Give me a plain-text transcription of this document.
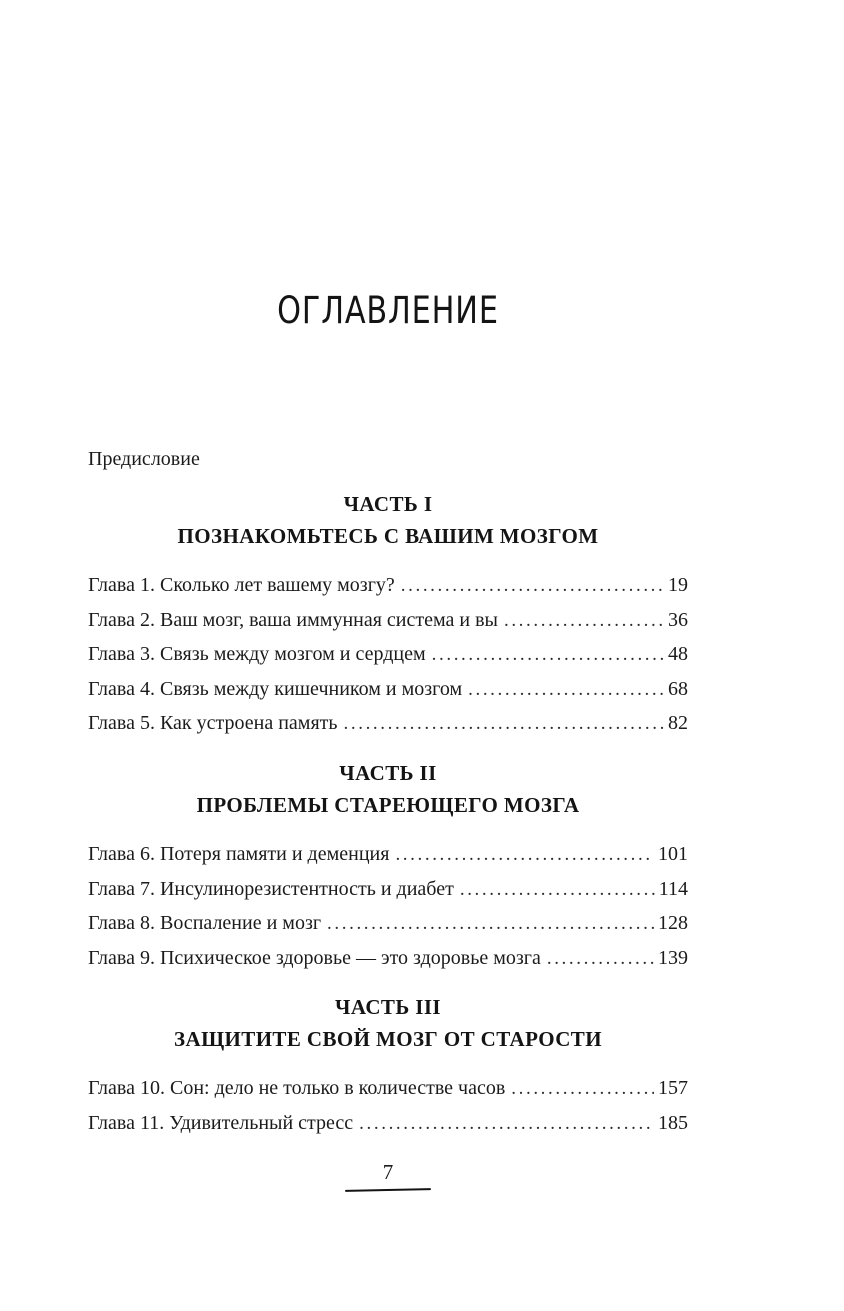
ОГЛАВЛЕНИЕ
Предисловие
ЧАСТЬ I
ПОЗНАКОМЬТЕСЬ С ВАШИМ МОЗГОМ
Глава 1. Сколько лет вашему мозгу? .....	19
Глава 2. Ваш мозг, ваша иммунная система и вы .....	36
Глава 3. Связь между мозгом и сердцем .....	48
Глава 4. Связь между кишечником и мозгом .....	68
Глава 5. Как устроена память .....	82
ЧАСТЬ II
ПРОБЛЕМЫ СТАРЕЮЩЕГО МОЗГА
Глава 6. Потеря памяти и деменция .....	101
Глава 7. Инсулинорезистентность и диабет .....	114
Глава 8. Воспаление и мозг .....	128
Глава 9. Психическое здоровье — это здоровье мозга .....	139
ЧАСТЬ III
ЗАЩИТИТЕ СВОЙ МОЗГ ОТ СТАРОСТИ
Глава 10. Сон: дело не только в количестве часов .....	157
Глава 11. Удивительный стресс .....	185
7
